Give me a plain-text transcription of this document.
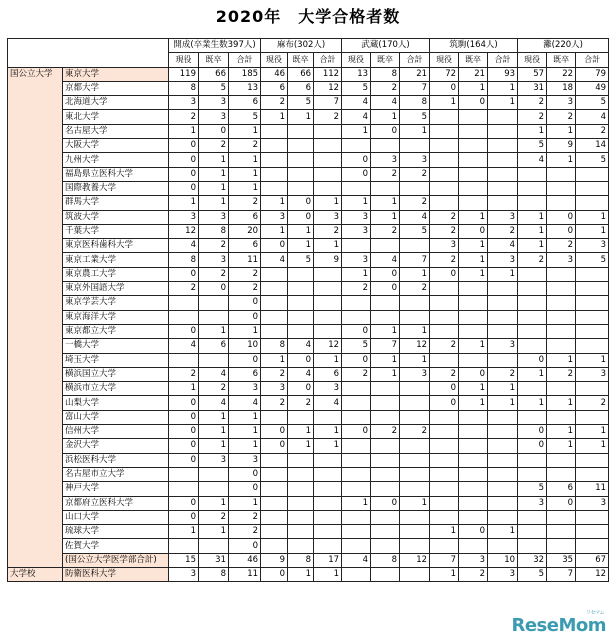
2020年　大学合格者数
		開成(卒業生数397人)			麻布(302人)			武蔵(170人)			筑駒(164人)			灘(220人)		
		現役	既卒	合計	現役	既卒	合計	現役	既卒	合計	現役	既卒	合計	現役	既卒	合計
国公立大学	東京大学	119	66	185	46	66	112	13	8	21	72	21	93	57	22	79
	京都大学	8	5	13	6	6	12	5	2	7	0	1	1	31	18	49
	北海道大学	3	3	6	2	5	7	4	4	8	1	0	1	2	3	5
	東北大学	2	3	5	1	1	2	4	1	5				2	2	4
	名古屋大学	1	0	1				1	0	1				1	1	2
	大阪大学	0	2	2										5	9	14
	九州大学	0	1	1				0	3	3				4	1	5
	福島県立医科大学	0	1	1				0	2	2						
	国際教養大学	0	1	1												
	群馬大学	1	1	2	1	0	1	1	1	2						
	筑波大学	3	3	6	3	0	3	3	1	4	2	1	3	1	0	1
	千葉大学	12	8	20	1	1	2	3	2	5	2	0	2	1	0	1
	東京医科歯科大学	4	2	6	0	1	1				3	1	4	1	2	3
	東京工業大学	8	3	11	4	5	9	3	4	7	2	1	3	2	3	5
	東京農工大学	0	2	2				1	0	1	0	1	1			
	東京外国語大学	2	0	2				2	0	2						
	東京学芸大学			0												
	東京海洋大学			0												
	東京都立大学	0	1	1				0	1	1						
	一橋大学	4	6	10	8	4	12	5	7	12	2	1	3			
	埼玉大学			0	1	0	1	0	1	1				0	1	1
	横浜国立大学	2	4	6	2	4	6	2	1	3	2	0	2	1	2	3
	横浜市立大学	1	2	3	3	0	3				0	1	1			
	山梨大学	0	4	4	2	2	4				0	1	1	1	1	2
	富山大学	0	1	1												
	信州大学	0	1	1	0	1	1	0	2	2				0	1	1
	金沢大学	0	1	1	0	1	1							0	1	1
	浜松医科大学	0	3	3												
	名古屋市立大学			0												
	神戸大学			0										5	6	11
	京都府立医科大学	0	1	1				1	0	1				3	0	3
	山口大学	0	2	2												
	琉球大学	1	1	2							1	0	1			
	佐賀大学			0												
	(国公立大学医学部合計)	15	31	46	9	8	17	4	8	12	7	3	10	32	35	67
大学校	防衛医科大学	3	8	11	0	1	1				1	2	3	5	7	12
ReseMom
リセマム
